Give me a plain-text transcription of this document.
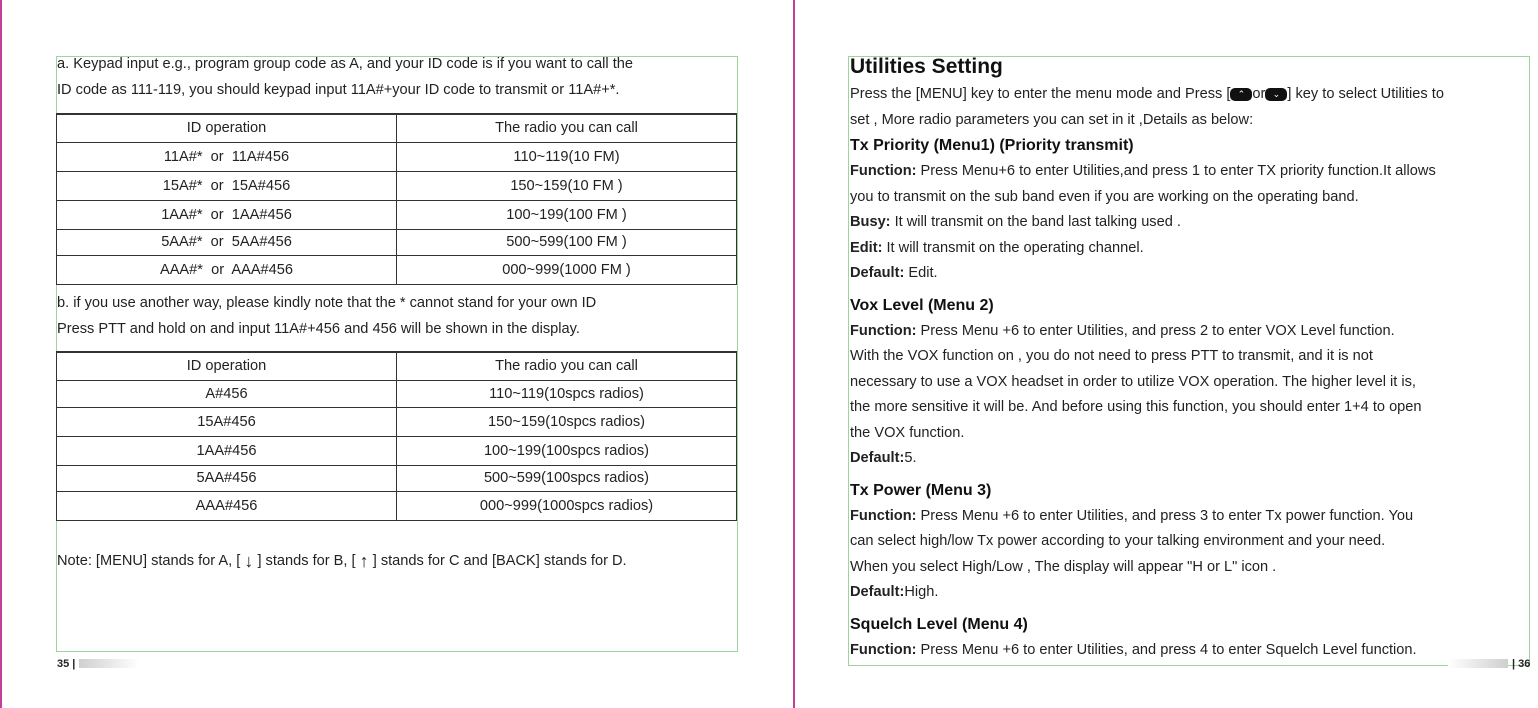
a. Keypad input e.g., program group code as A, and your ID code is if you want to call the
ID code as 111-119, you should keypad input 11A#+your ID code to transmit or 11A#+*.
ID operation	The radio you can call
11A#*  or  11A#456	110~119(10 FM)
15A#*  or  15A#456	150~159(10 FM )
1AA#*  or  1AA#456	100~199(100 FM )
5AA#*  or  5AA#456	500~599(100 FM )
AAA#*  or  AAA#456	000~999(1000 FM )
b. if you use another way, please kindly note that the * cannot stand for your own ID
Press PTT and hold on and input 11A#+456 and 456 will be shown in the display.
ID operation	The radio you can call
A#456	110~119(10spcs radios)
15A#456	150~159(10spcs radios)
1AA#456	100~199(100spcs radios)
5AA#456	500~599(100spcs radios)
AAA#456	000~999(1000spcs radios)
Note: [MENU] stands for A, [ ↓ ] stands for B, [ ↑ ] stands for C and [BACK] stands for D.
35 |
Utilities Setting

Press the [MENU] key to enter the menu mode and Press [ ⌃ or ⌄ ] key to select Utilities to

set , More radio parameters you can set in it ,Details as below:

Tx Priority (Menu1) (Priority transmit)

Function: Press Menu+6 to enter Utilities,and press 1 to enter TX priority function.It allows

you to transmit on the sub band even if you are working on the operating band.

Busy: It will transmit on the band last talking used .

Edit: It will transmit on the operating channel.

Default: Edit.

Vox Level (Menu 2)

Function: Press Menu +6 to enter Utilities, and press 2 to enter VOX Level function.

With the VOX function on , you do not need to press PTT to transmit, and it is not

necessary to use a VOX headset in order to utilize VOX operation. The higher level it is,

the more sensitive it will be. And before using this function, you should enter 1+4 to open

the VOX function.

Default:5.

Tx Power (Menu 3)

Function: Press Menu +6 to enter Utilities, and press 3 to enter Tx power function. You

can select high/low Tx power according to your talking environment and your need.

When you select High/Low , The display will appear "H or L" icon .

Default:High.

Squelch Level (Menu 4)

Function: Press Menu +6 to enter Utilities, and press 4 to enter Squelch Level function.

| 36
